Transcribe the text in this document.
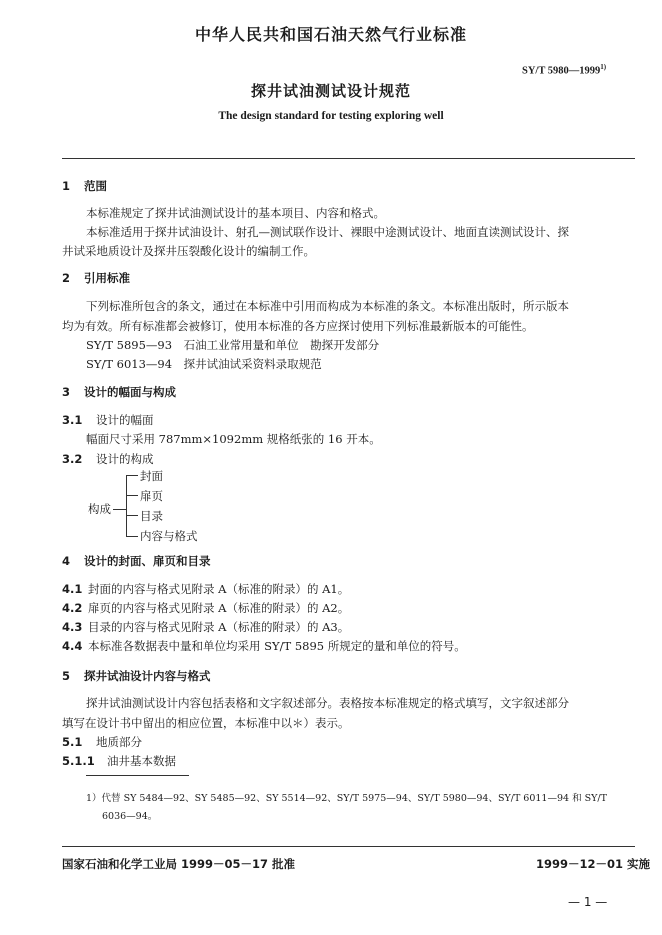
中华人民共和国石油天然气行业标准
SY/T 5980—1999$^{1)}$
探井试油测试设计规范
The design standard for testing exploring well
1 范围
本标准规定了探井试油测试设计的基本项目、内容和格式。
本标准适用于探井试油设计、射孔—测试联作设计、裸眼中途测试设计、地面直读测试设计、探
井试采地质设计及探井压裂酸化设计的编制工作。
2 引用标准
下列标准所包含的条文，通过在本标准中引用而构成为本标准的条文。本标准出版时，所示版本
均为有效。所有标准都会被修订，使用本标准的各方应探讨使用下列标准最新版本的可能性。
SY/T 5895—93　石油工业常用量和单位　勘探开发部分
SY/T 6013—94　探井试油试采资料录取规范
3 设计的幅面与构成
3.1 设计的幅面
幅面尺寸采用 787mm×1092mm 规格纸张的 16 开本。
3.2 设计的构成
构成
封面
扉页
目录
内容与格式
4 设计的封面、扉页和目录
4.1 封面的内容与格式见附录 A（标准的附录）的 A1。
4.2 扉页的内容与格式见附录 A（标准的附录）的 A2。
4.3 目录的内容与格式见附录 A（标准的附录）的 A3。
4.4 本标准各数据表中量和单位均采用 SY/T 5895 所规定的量和单位的符号。
5 探井试油设计内容与格式
探井试油测试设计内容包括表格和文字叙述部分。表格按本标准规定的格式填写，文字叙述部分
填写在设计书中留出的相应位置，本标准中以＊）表示。
5.1 地质部分
5.1.1 油井基本数据
1）代替 SY 5484—92、SY 5485—92、SY 5514—92、SY/T 5975—94、SY/T 5980—94、SY/T 6011—94 和 SY/T
6036—94。
国家石油和化学工业局 1999－05－17 批准	1999－12－01 实施
— 1 —
